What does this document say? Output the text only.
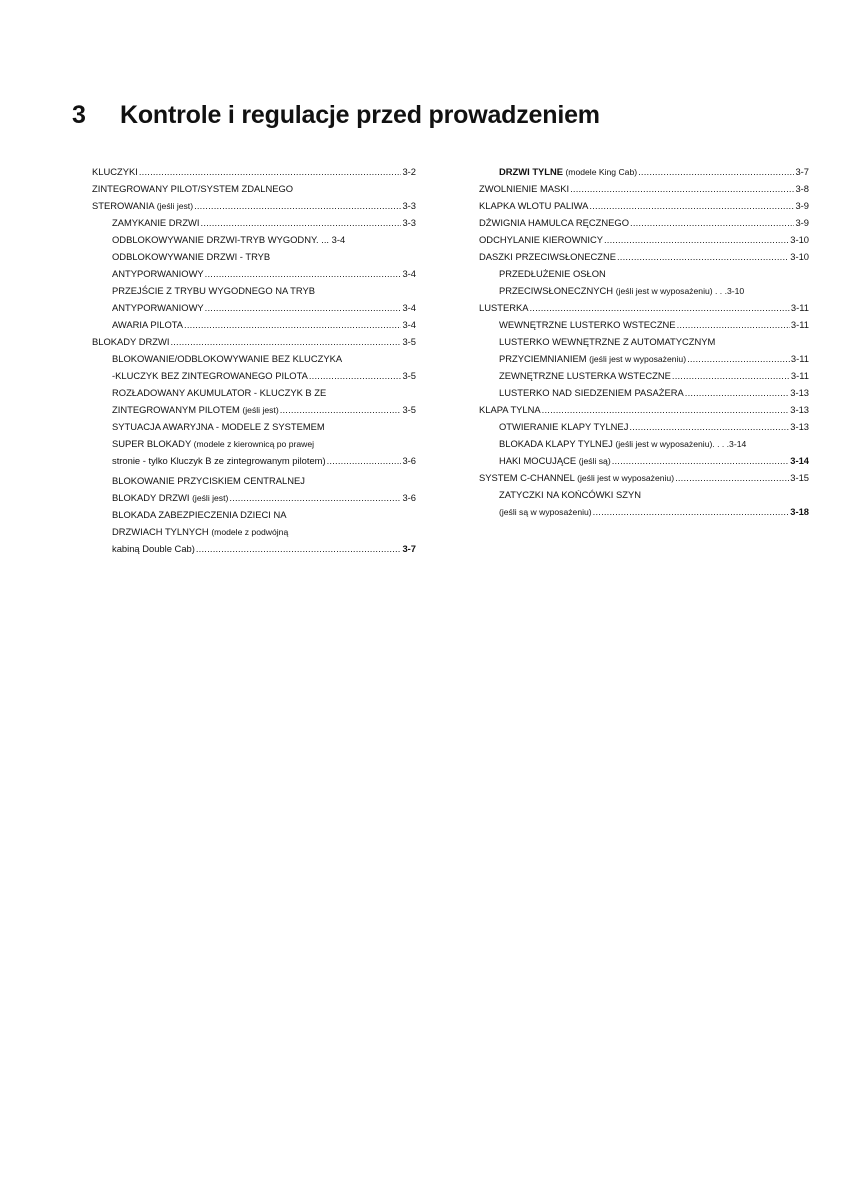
3 Kontrole i regulacje przed prowadzeniem
KLUCZYKI .....	3-2
ZINTEGROWANY PILOT/SYSTEM ZDALNEGO
STEROWANIA (jeśli jest) .....	3-3
ZAMYKANIE DRZWI .....	3-3
ODBLOKOWYWANIE DRZWI-TRYB WYGODNY. ... 3-4
ODBLOKOWYWANIE DRZWI - TRYB
ANTYPORWANIOWY .....	3-4
PRZEJŚCIE Z TRYBU WYGODNEGO NA TRYB
ANTYPORWANIOWY .....	3-4
AWARIA PILOTA .....	3-4
BLOKADY DRZWI .....	3-5
BLOKOWANIE/ODBLOKOWYWANIE BEZ KLUCZYKA
-KLUCZYK BEZ ZINTEGROWANEGO PILOTA .....	3-5
ROZŁADOWANY AKUMULATOR - KLUCZYK B ZE
ZINTEGROWANYM PILOTEM (jeśli jest) .....	3-5
SYTUACJA AWARYJNA - MODELE Z SYSTEMEM
SUPER BLOKADY (modele z kierownicą po prawej
stronie - tylko Kluczyk B ze zintegrowanym pilotem) .....	3-6
BLOKOWANIE PRZYCISKIEM CENTRALNEJ
BLOKADY DRZWI (jeśli jest) .....	3-6
BLOKADA ZABEZPIECZENIA DZIECI NA
DRZWIACH TYLNYCH (modele z podwójną
kabiną Double Cab) .....	3-7
DRZWI TYLNE (modele King Cab) .....	3-7
ZWOLNIENIE MASKI .....	3-8
KLAPKA WLOTU PALIWA .....	3-9
DŹWIGNIA HAMULCA RĘCZNEGO .....	3-9
ODCHYLANIE KIEROWNICY .....	3-10
DASZKI PRZECIWSŁONECZNE .....	3-10
PRZEDŁUŻENIE OSŁON
PRZECIWSŁONECZNYCH (jeśli jest w wyposażeniu) . . .3-10
LUSTERKA .....	3-11
WEWNĘTRZNE LUSTERKO WSTECZNE .....	3-11
LUSTERKO WEWNĘTRZNE Z AUTOMATYCZNYM
PRZYCIEMNIANIEM (jeśli jest w wyposażeniu) .....	3-11
ZEWNĘTRZNE LUSTERKA WSTECZNE .....	3-11
LUSTERKO NAD SIEDZENIEM PASAŻERA .....	3-13
KLAPA TYLNA .....	3-13
OTWIERANIE KLAPY TYLNEJ .....	3-13
BLOKADA KLAPY TYLNEJ (jeśli jest w wyposażeniu). . . .3-14
HAKI MOCUJĄCE (jeśli są) .....	3-14
SYSTEM C-CHANNEL (jeśli jest w wyposażeniu) .....	3-15
ZATYCZKI NA KOŃCÓWKI SZYN
(jeśli są w wyposażeniu) .....	3-18
